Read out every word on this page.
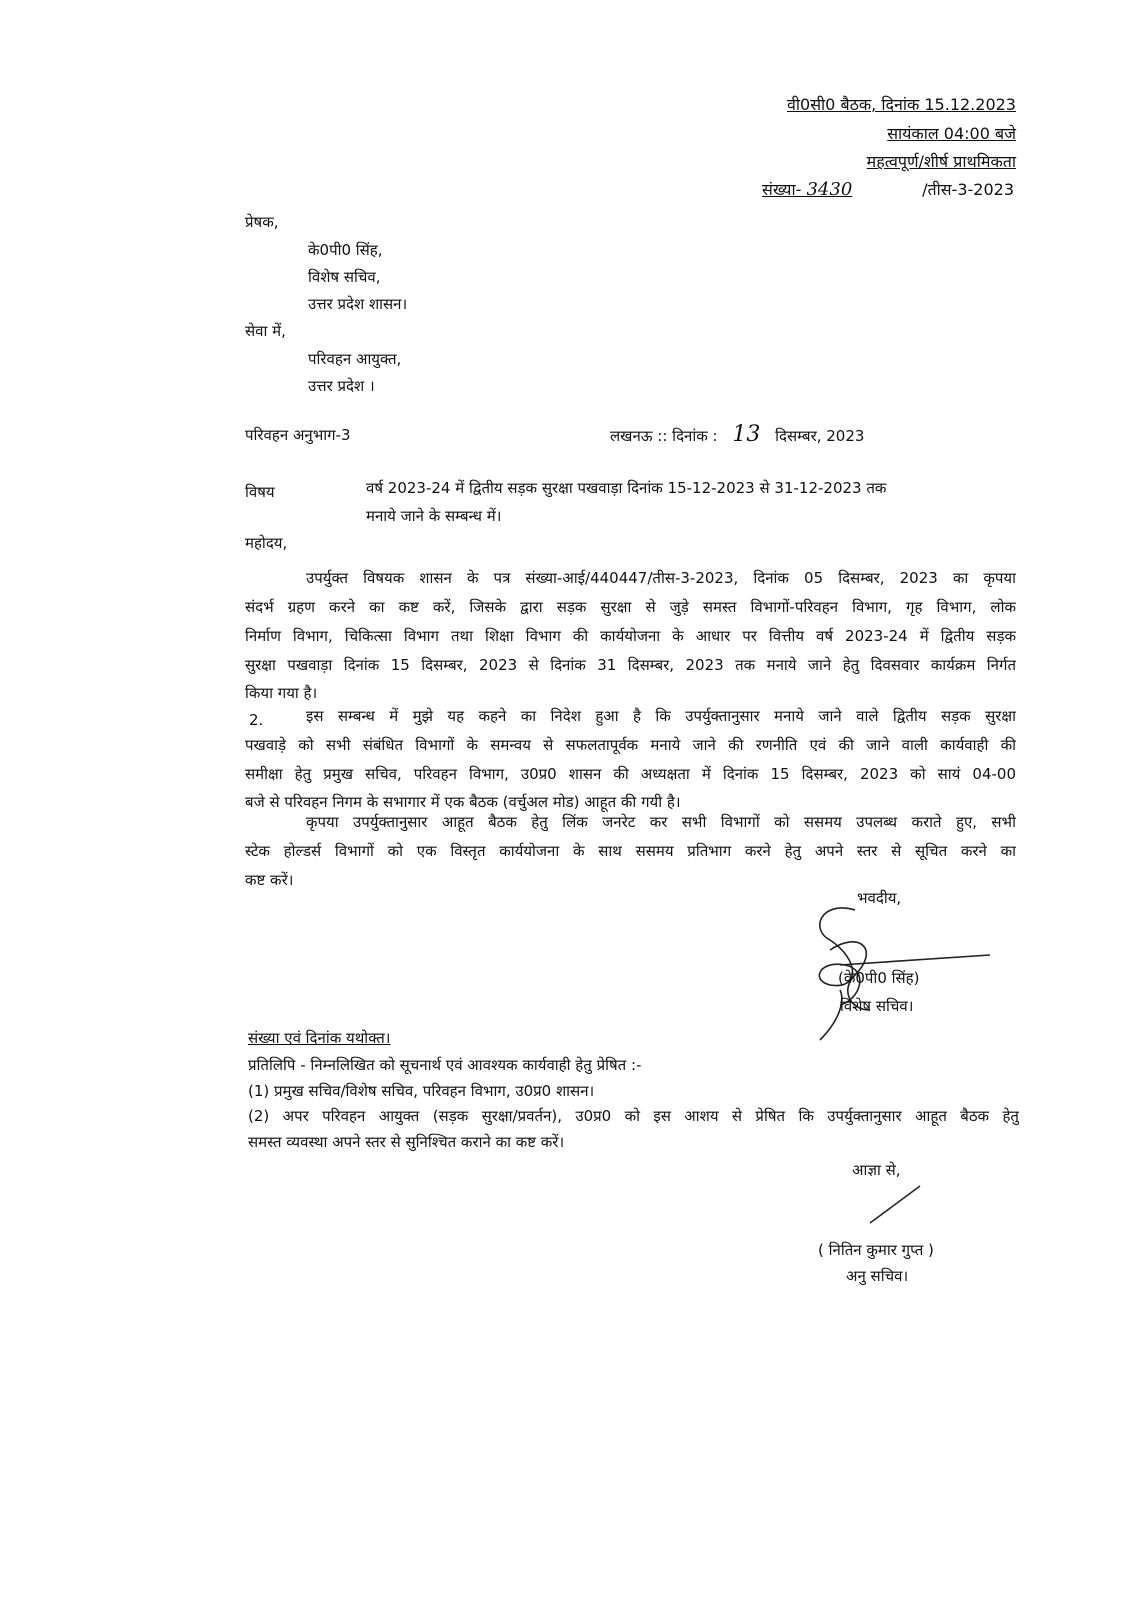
वी0सी0 बैठक, दिनांक 15.12.2023
सायंकाल 04:00 बजे
महत्वपूर्ण/शीर्ष प्राथमिकता
संख्या- 3430	/तीस-3-2023
प्रेषक,
के0पी0 सिंह,
विशेष सचिव,
उत्तर प्रदेश शासन।
सेवा में,
परिवहन आयुक्त,
उत्तर प्रदेश ।
परिवहन अनुभाग-3	लखनऊ :: दिनांक : 13 दिसम्बर, 2023
विषय	वर्ष 2023-24 में द्वितीय सड़क सुरक्षा पखवाड़ा दिनांक 15-12-2023 से 31-12-2023 तक
मनाये जाने के सम्बन्ध में।
महोदय,
उपर्युक्त विषयक शासन के पत्र संख्या-आई/440447/तीस-3-2023, दिनांक 05 दिसम्बर, 2023 का कृपया
संदर्भ ग्रहण करने का कष्ट करें, जिसके द्वारा सड़क सुरक्षा से जुड़े समस्त विभागों-परिवहन विभाग, गृह विभाग, लोक
निर्माण विभाग, चिकित्सा विभाग तथा शिक्षा विभाग की कार्ययोजना के आधार पर वित्तीय वर्ष 2023-24 में द्वितीय सड़क
सुरक्षा पखवाड़ा दिनांक 15 दिसम्बर, 2023 से दिनांक 31 दिसम्बर, 2023 तक मनाये जाने हेतु दिवसवार कार्यक्रम निर्गत
किया गया है।
2.	इस सम्बन्ध में मुझे यह कहने का निदेश हुआ है कि उपर्युक्तानुसार मनाये जाने वाले द्वितीय सड़क सुरक्षा
पखवाड़े को सभी संबंधित विभागों के समन्वय से सफलतापूर्वक मनाये जाने की रणनीति एवं की जाने वाली कार्यवाही की
समीक्षा हेतु प्रमुख सचिव, परिवहन विभाग, उ0प्र0 शासन की अध्यक्षता में दिनांक 15 दिसम्बर, 2023 को सायं 04-00
बजे से परिवहन निगम के सभागार में एक बैठक (वर्चुअल मोड) आहूत की गयी है।
कृपया उपर्युक्तानुसार आहूत बैठक हेतु लिंक जनरेट कर सभी विभागों को ससमय उपलब्ध कराते हुए, सभी
स्टेक होल्डर्स विभागों को एक विस्तृत कार्ययोजना के साथ ससमय प्रतिभाग करने हेतु अपने स्तर से सूचित करने का
कष्ट करें।
भवदीय,
(के0पी0 सिंह)
विशेष सचिव।
संख्या एवं दिनांक यथोक्त।
प्रतिलिपि - निम्नलिखित को सूचनार्थ एवं आवश्यक कार्यवाही हेतु प्रेषित :-
(1) प्रमुख सचिव/विशेष सचिव, परिवहन विभाग, उ0प्र0 शासन।
(2) अपर परिवहन आयुक्त (सड़क सुरक्षा/प्रवर्तन), उ0प्र0 को इस आशय से प्रेषित कि उपर्युक्तानुसार आहूत बैठक हेतु
समस्त व्यवस्था अपने स्तर से सुनिश्चित कराने का कष्ट करें।
आज्ञा से,
( नितिन कुमार गुप्त )
अनु सचिव।
